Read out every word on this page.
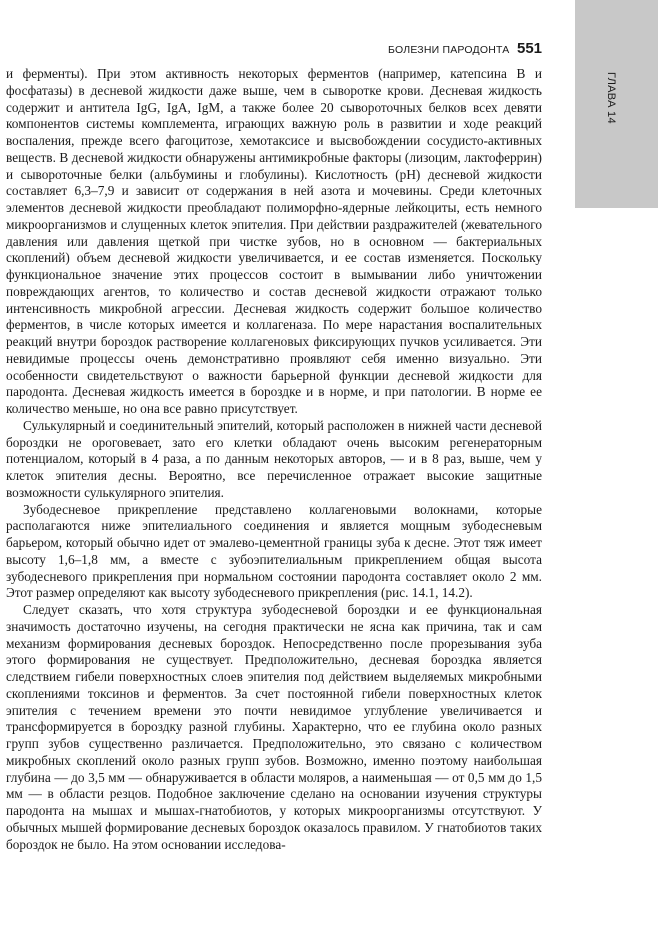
ГЛАВА 14
БОЛЕЗНИ ПАРОДОНТА 551

и ферменты). При этом активность некоторых ферментов (например, катепсина В и фосфатазы) в десневой жидкости даже выше, чем в сыворотке крови. Десневая жидкость содержит и антитела IgG, IgA, IgM, а также более 20 сывороточных белков всех девяти компонентов системы комплемента, играющих важную роль в развитии и ходе реакций воспаления, прежде всего фагоцитозе, хемотаксисе и высвобождении сосудисто-активных веществ. В десневой жидкости обнаружены антимикробные факторы (лизоцим, лактоферрин) и сывороточные белки (альбумины и глобулины). Кислотность (рН) десневой жидкости составляет 6,3–7,9 и зависит от содержания в ней азота и мочевины. Среди клеточных элементов десневой жидкости преобладают полиморфно-ядерные лейкоциты, есть немного микроорганизмов и слущенных клеток эпителия. При действии раздражителей (жевательного давления или давления щеткой при чистке зубов, но в основном — бактериальных скоплений) объем десневой жидкости увеличивается, и ее состав изменяется. Поскольку функциональное значение этих процессов состоит в вымывании либо уничтожении повреждающих агентов, то количество и состав десневой жидкости отражают только интенсивность микробной агрессии. Десневая жидкость содержит большое количество ферментов, в числе которых имеется и коллагеназа. По мере нарастания воспалительных реакций внутри бороздок растворение коллагеновых фиксирующих пучков усиливается. Эти невидимые процессы очень демонстративно проявляют себя именно визуально. Эти особенности свидетельствуют о важности барьерной функции десневой жидкости для пародонта. Десневая жидкость имеется в бороздке и в норме, и при патологии. В норме ее количество меньше, но она все равно присутствует.

Сулькулярный и соединительный эпителий, который расположен в нижней части десневой бороздки не ороговевает, зато его клетки обладают очень высоким регенераторным потенциалом, который в 4 раза, а по данным некоторых авторов, — и в 8 раз, выше, чем у клеток эпителия десны. Вероятно, все перечисленное отражает высокие защитные возможности сулькулярного эпителия.

Зубодесневое прикрепление представлено коллагеновыми волокнами, которые располагаются ниже эпителиального соединения и является мощным зубодесневым барьером, который обычно идет от эмалево-цементной границы зуба к десне. Этот тяж имеет высоту 1,6–1,8 мм, а вместе с зубоэпителиальным прикреплением общая высота зубодесневого прикрепления при нормальном состоянии пародонта составляет около 2 мм. Этот размер определяют как высоту зубодесневого прикрепления (рис. 14.1, 14.2).

Следует сказать, что хотя структура зубодесневой бороздки и ее функциональная значимость достаточно изучены, на сегодня практически не ясна как причина, так и сам механизм формирования десневых бороздок. Непосредственно после прорезывания зуба этого формирования не существует. Предположительно, десневая бороздка является следствием гибели поверхностных слоев эпителия под действием выделяемых микробными скоплениями токсинов и ферментов. За счет постоянной гибели поверхностных клеток эпителия с течением времени это почти невидимое углубление увеличивается и трансформируется в бороздку разной глубины. Характерно, что ее глубина около разных групп зубов существенно различается. Предположительно, это связано с количеством микробных скоплений около разных групп зубов. Возможно, именно поэтому наибольшая глубина — до 3,5 мм — обнаруживается в области моляров, а наименьшая — от 0,5 мм до 1,5 мм — в области резцов. Подобное заключение сделано на основании изучения структуры пародонта на мышах и мышах-гнатобиотов, у которых микроорганизмы отсутствуют. У обычных мышей формирование десневых бороздок оказалось правилом. У гнатобиотов таких бороздок не было. На этом основании исследова-
